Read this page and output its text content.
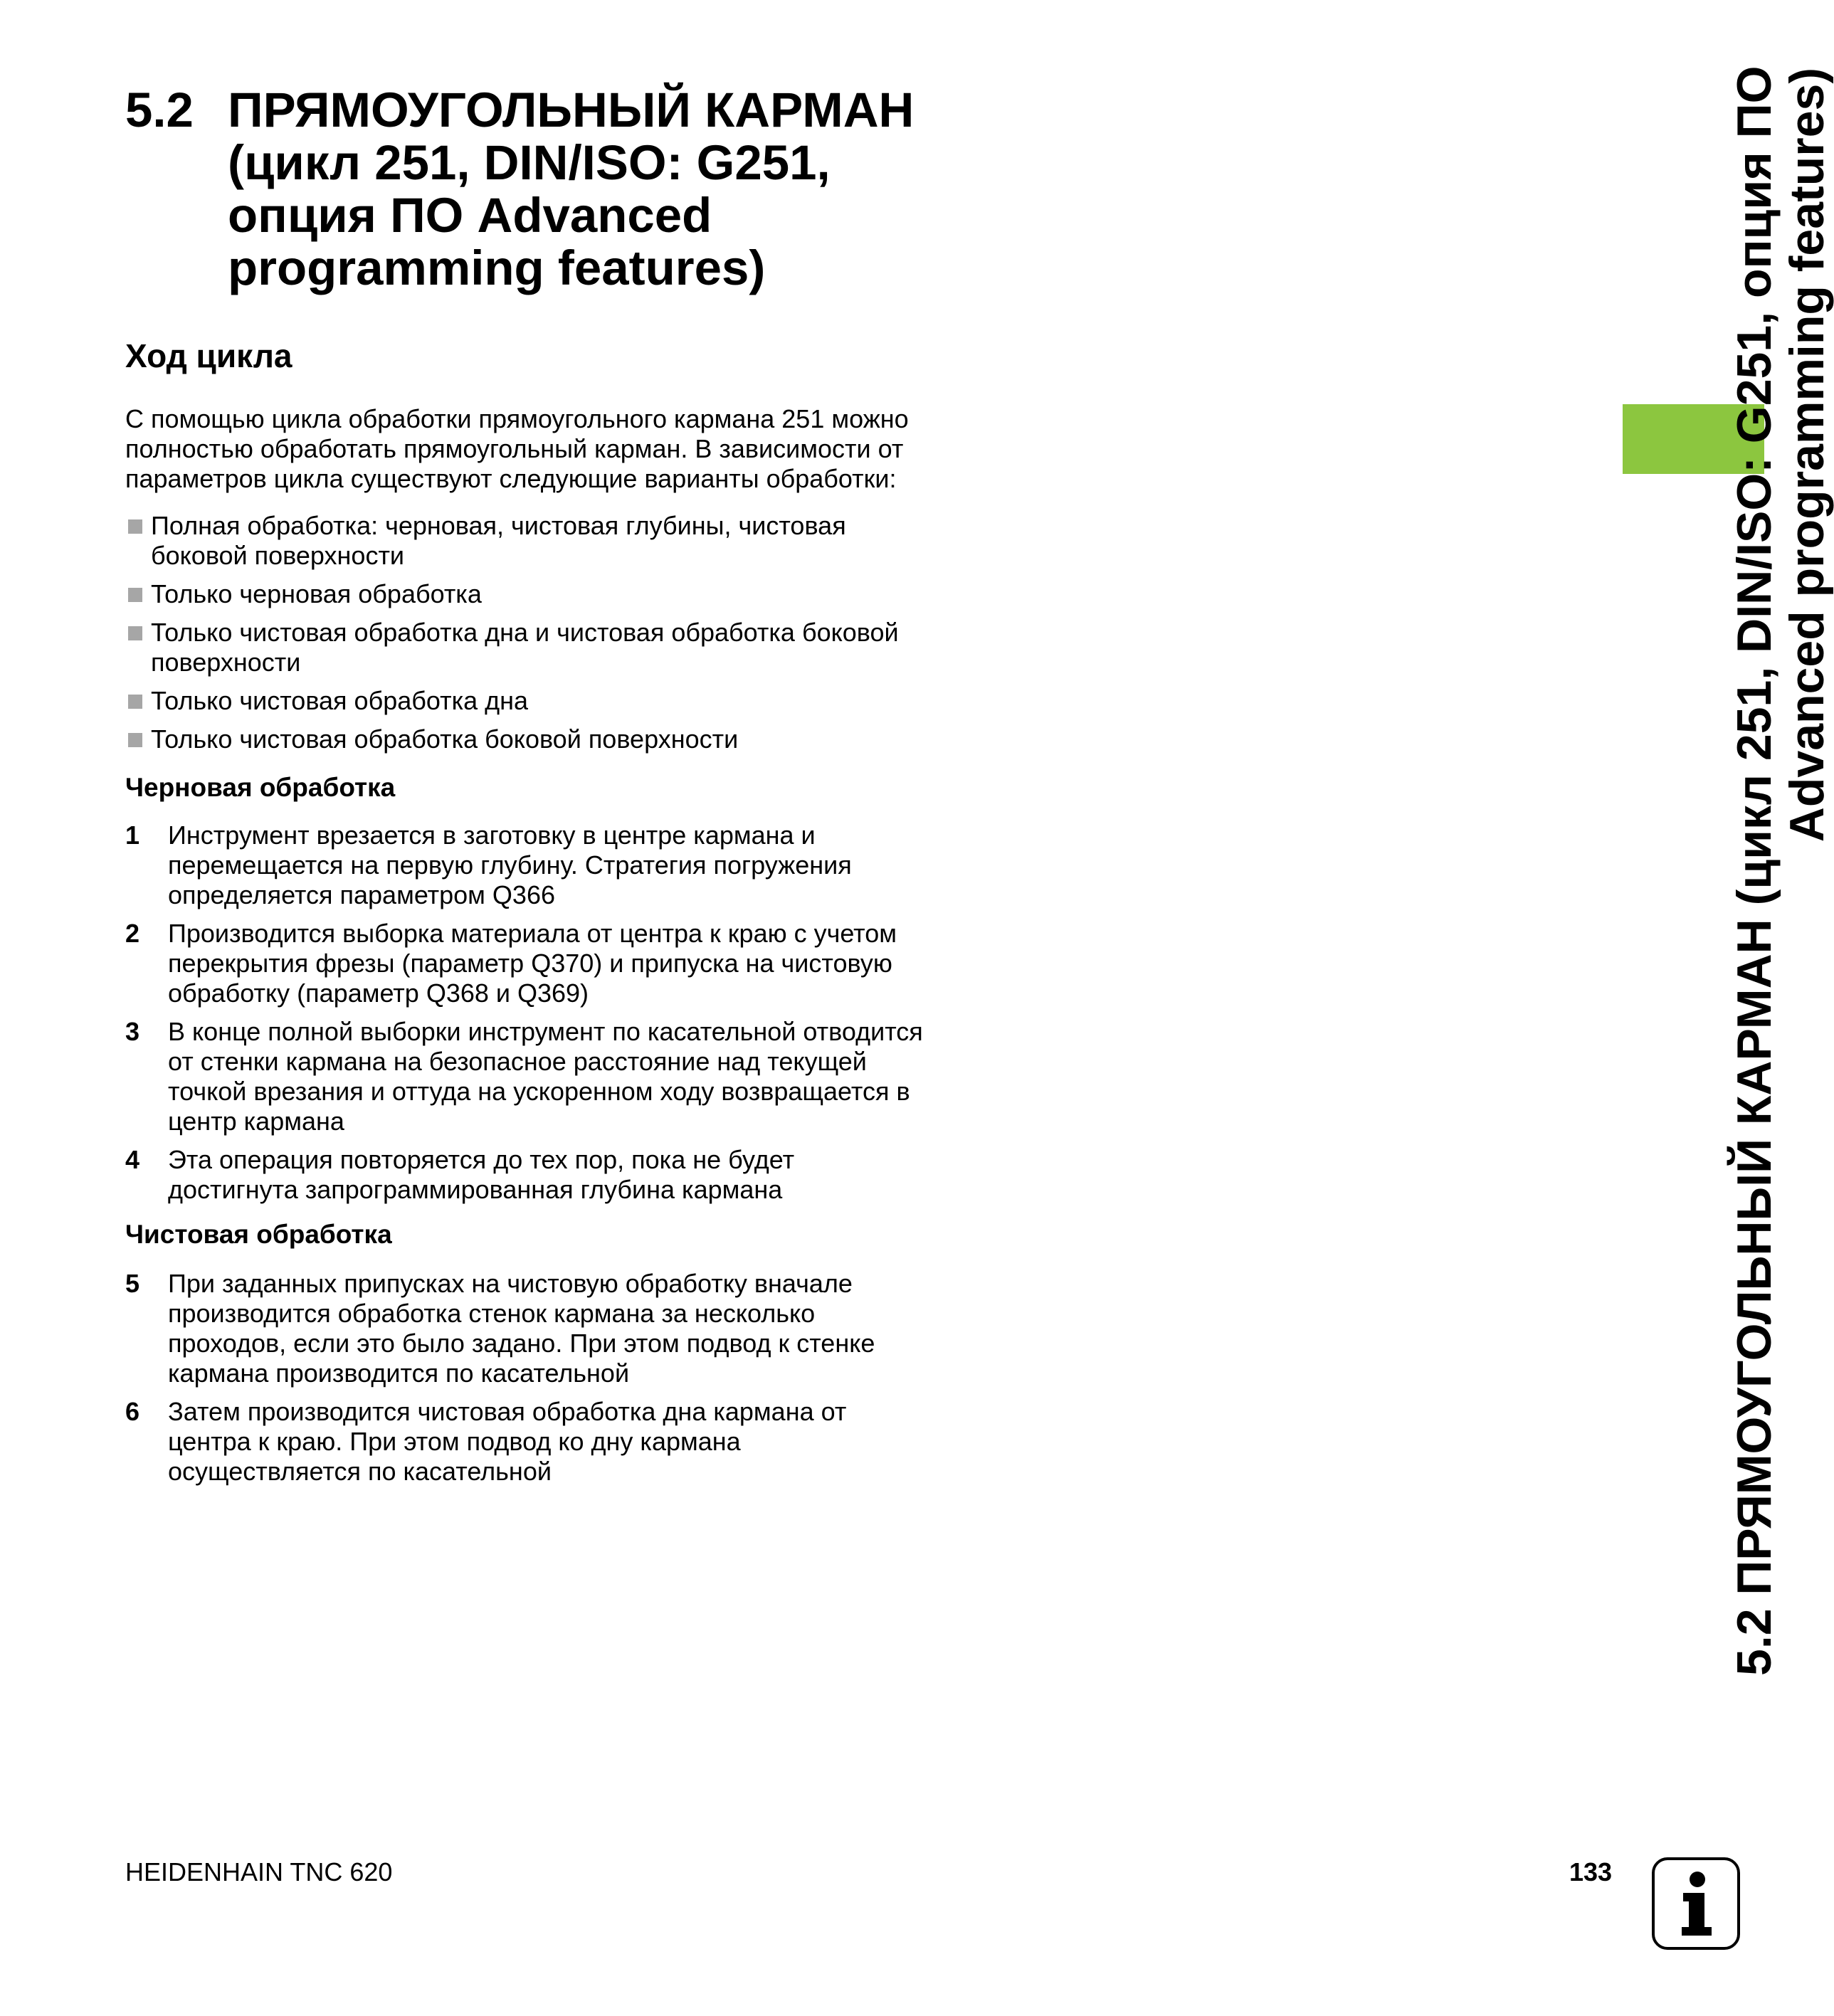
5.2 ПРЯМОУГОЛЬНЫЙ КАРМАН
(цикл 251, DIN/ISO: G251,
опция ПО Advanced
programming features)
Ход цикла

С помощью цикла обработки прямоугольного кармана 251 можно
полностью обработать прямоугольный карман. В зависимости от
параметров цикла существуют следующие варианты обработки:

Полная обработка: черновая, чистовая глубины, чистовая
боковой поверхности
Только черновая обработка
Только чистовая обработка дна и чистовая обработка боковой
поверхности
Только чистовая обработка дна
Только чистовая обработка боковой поверхности
Черновая обработка
1 Инструмент врезается в заготовку в центре кармана и
перемещается на первую глубину. Стратегия погружения
определяется параметром Q366
2 Производится выборка материала от центра к краю с учетом
перекрытия фрезы (параметр Q370) и припуска на чистовую
обработку (параметр Q368 и Q369)
3 В конце полной выборки инструмент по касательной отводится
от стенки кармана на безопасное расстояние над текущей
точкой врезания и оттуда на ускоренном ходу возвращается в
центр кармана
4 Эта операция повторяется до тех пор, пока не будет
достигнута запрограммированная глубина кармана
Чистовая обработка
5 При заданных припусках на чистовую обработку вначале
производится обработка стенок кармана за несколько
проходов, если это было задано. При этом подвод к стенке
кармана производится по касательной
6 Затем производится чистовая обработка дна кармана от
центра к краю. При этом подвод ко дну кармана
осуществляется по касательной	5.2 ПРЯМОУГОЛЬНЫЙ КАРМАН (цикл 251, DIN/ISO: G251, опция ПО
Advanced programming features)
HEIDENHAIN TNC 620	133
